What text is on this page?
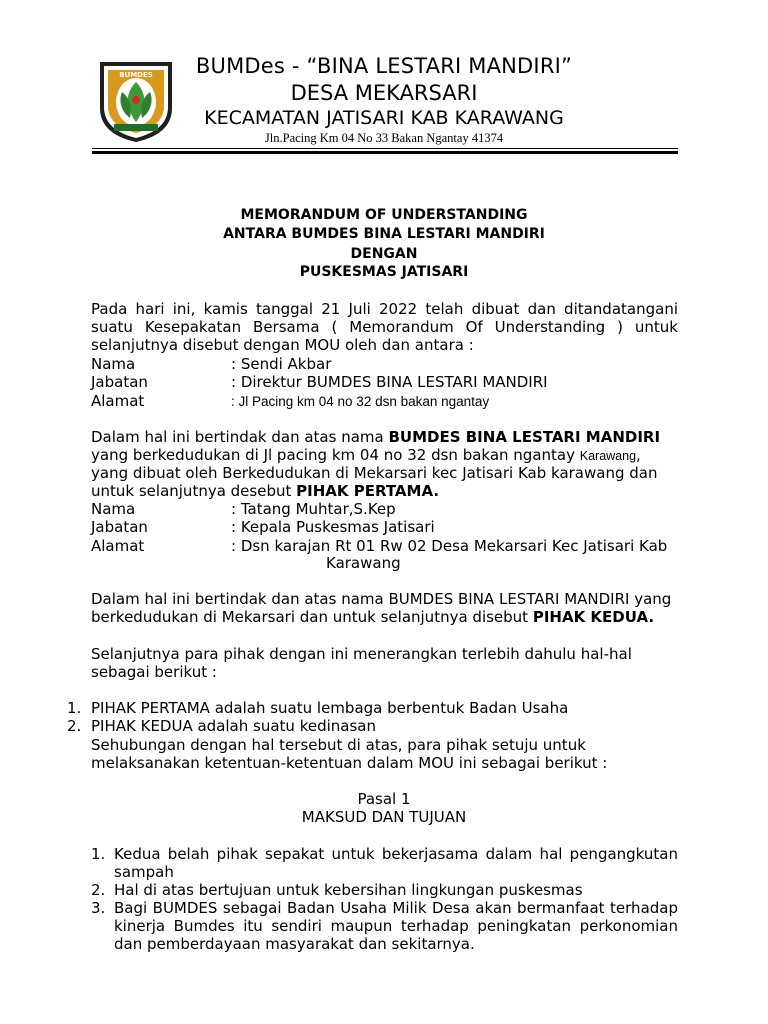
BUMDES	BUMDes - “BINA LESTARI MANDIRI”
DESA MEKARSARI
KECAMATAN JATISARI KAB KARAWANG
Jln.Pacing Km 04 No 33 Bakan Ngantay 41374
MEMORANDUM OF UNDERSTANDING
ANTARA BUMDES BINA LESTARI MANDIRI
DENGAN
PUSKESMAS JATISARI
Pada hari ini, kamis tanggal 21 Juli 2022 telah dibuat dan ditandatangani suatu Kesepakatan Bersama ( Memorandum Of Understanding ) untuk selanjutnya disebut dengan MOU oleh dan antara :
Nama	: Sendi Akbar
Jabatan	: Direktur BUMDES BINA LESTARI MANDIRI
Alamat	: Jl Pacing km 04 no 32 dsn bakan ngantay
Dalam hal ini bertindak dan atas nama BUMDES BINA LESTARI MANDIRI
yang berkedudukan di Jl pacing km 04 no 32 dsn bakan ngantay Karawang,
yang dibuat oleh Berkedudukan di Mekarsari kec Jatisari Kab karawang dan
untuk selanjutnya desebut PIHAK PERTAMA.
Nama	: Tatang Muhtar,S.Kep
Jabatan	: Kepala Puskesmas Jatisari
Alamat	: Dsn karajan Rt 01 Rw 02 Desa Mekarsari Kec Jatisari Kab
Karawang
Dalam hal ini bertindak dan atas nama BUMDES BINA LESTARI MANDIRI yang
berkedudukan di Mekarsari dan untuk selanjutnya disebut PIHAK KEDUA.
Selanjutnya para pihak dengan ini menerangkan terlebih dahulu hal-hal
sebagai berikut :
1. PIHAK PERTAMA adalah suatu lembaga berbentuk Badan Usaha
2. PIHAK KEDUA adalah suatu kedinasan
Sehubungan dengan hal tersebut di atas, para pihak setuju untuk
melaksanakan ketentuan-ketentuan dalam MOU ini sebagai berikut :
Pasal 1
MAKSUD DAN TUJUAN
1. Kedua belah pihak sepakat untuk bekerjasama dalam hal pengangkutan sampah
2. Hal di atas bertujuan untuk kebersihan lingkungan puskesmas
3. Bagi BUMDES sebagai Badan Usaha Milik Desa akan bermanfaat terhadap kinerja Bumdes itu sendiri maupun terhadap peningkatan perkonomian dan pemberdayaan masyarakat dan sekitarnya.
